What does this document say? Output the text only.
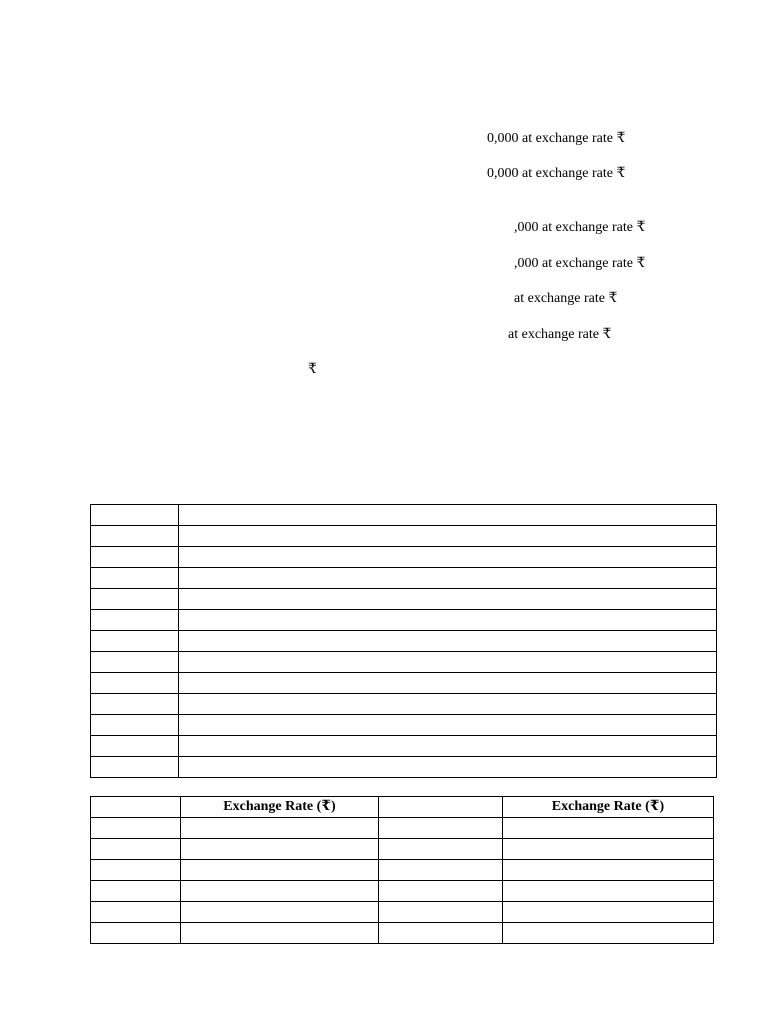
0,000 at exchange rate ₹
0,000 at exchange rate ₹
,000 at exchange rate ₹
,000 at exchange rate ₹
at exchange rate ₹
at exchange rate ₹
₹

	Exchange Rate (₹)		Exchange Rate (₹)
